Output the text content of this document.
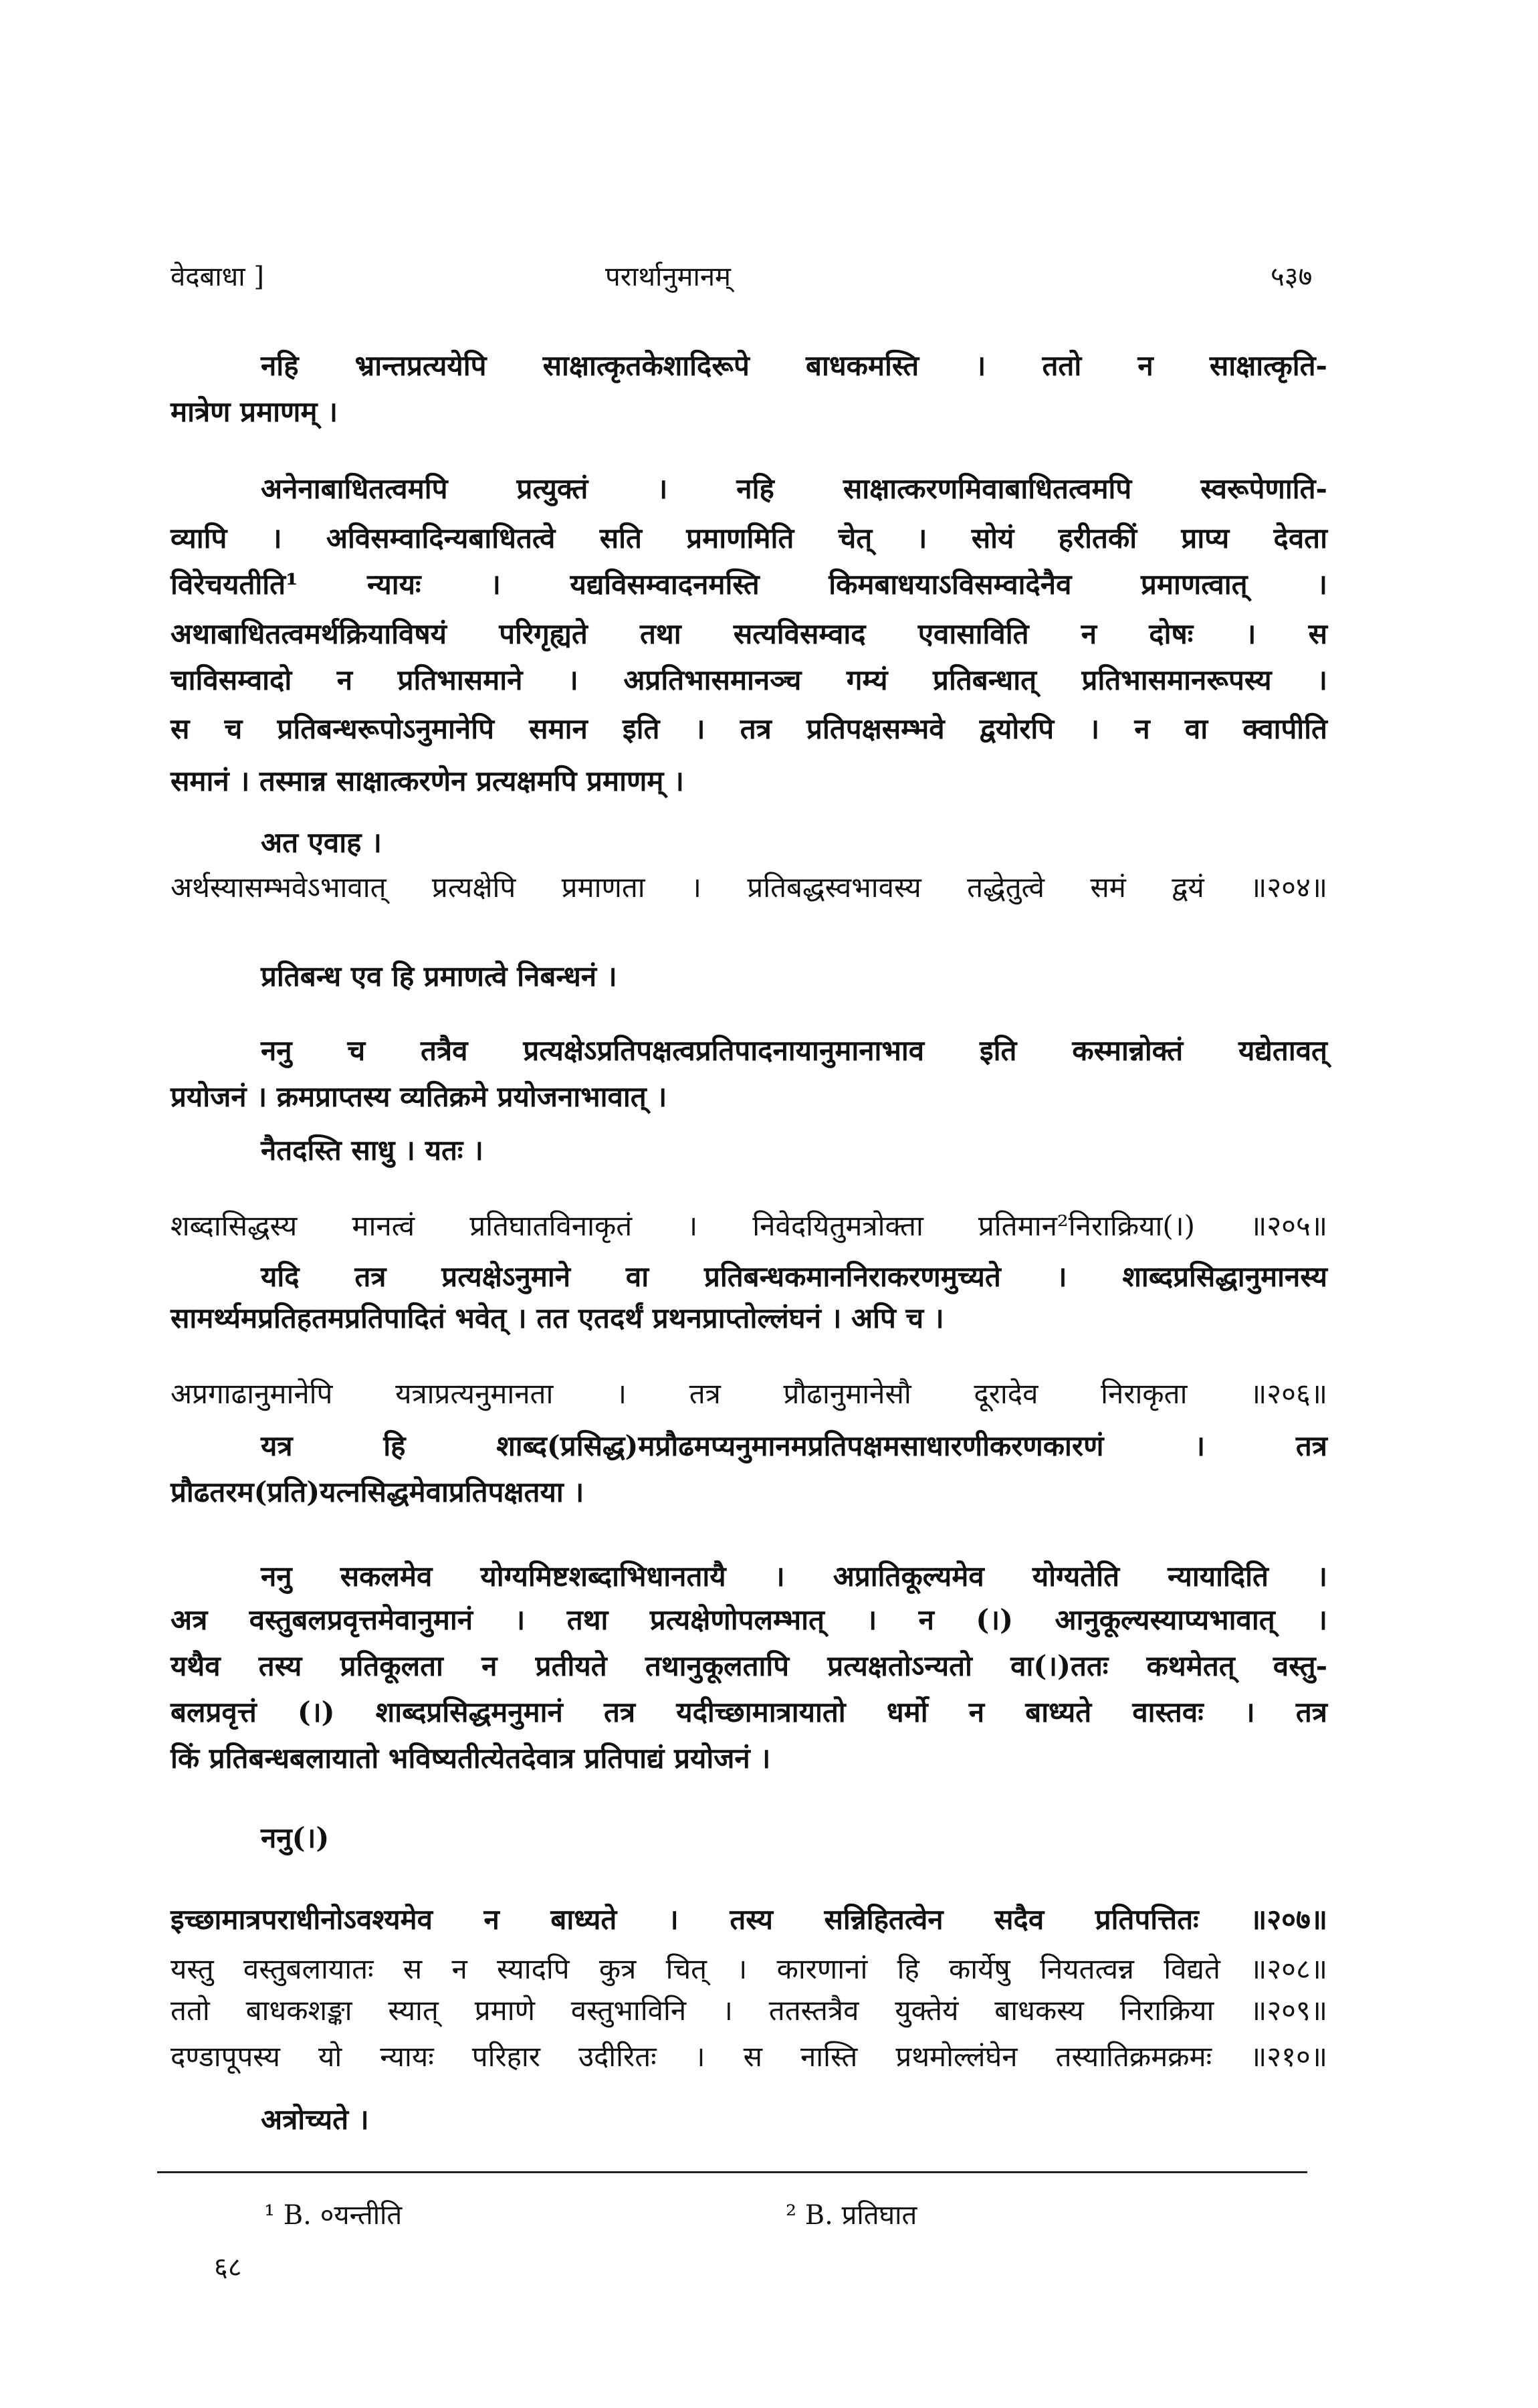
वेदबाधा ]	परार्थानुमानम्	५३७
नहि भ्रान्तप्रत्ययेपि साक्षात्कृतकेशादिरूपे बाधकमस्ति । ततो न साक्षात्कृति-
मात्रेण प्रमाणम् ।
अनेनाबाधितत्वमपि प्रत्युक्तं । नहि साक्षात्करणमिवाबाधितत्वमपि स्वरूपेणाति-
व्यापि । अविसम्वादिन्यबाधितत्वे सति प्रमाणमिति चेत् । सोयं हरीतकीं प्राप्य देवता
विरेचयतीति¹ न्यायः । यद्यविसम्वादनमस्ति किमबाधयाऽविसम्वादेनैव प्रमाणत्वात् ।
अथाबाधितत्वमर्थक्रियाविषयं परिगृह्यते तथा सत्यविसम्वाद एवासाविति न दोषः । स
चाविसम्वादो न प्रतिभासमाने । अप्रतिभासमानञ्च गम्यं प्रतिबन्धात् प्रतिभासमानरूपस्य ।
स च प्रतिबन्धरूपोऽनुमानेपि समान इति । तत्र प्रतिपक्षसम्भवे द्वयोरपि । न वा क्वापीति
समानं । तस्मान्न साक्षात्करणेन प्रत्यक्षमपि प्रमाणम् ।
अत एवाह ।
अर्थस्यासम्भवेऽभावात् प्रत्यक्षेपि प्रमाणता । प्रतिबद्धस्वभावस्य तद्धेतुत्वे समं द्वयं ॥२०४॥
प्रतिबन्ध एव हि प्रमाणत्वे निबन्धनं ।
ननु च तत्रैव प्रत्यक्षेऽप्रतिपक्षत्वप्रतिपादनायानुमानाभाव इति कस्मान्नोक्तं यद्येतावत्
प्रयोजनं । क्रमप्राप्तस्य व्यतिक्रमे प्रयोजनाभावात् ।
नैतदस्ति साधु । यतः ।
शब्दासिद्धस्य मानत्वं प्रतिघातविनाकृतं । निवेदयितुमत्रोक्ता प्रतिमान²निराक्रिया(।) ॥२०५॥
यदि तत्र प्रत्यक्षेऽनुमाने वा प्रतिबन्धकमाननिराकरणमुच्यते । शाब्दप्रसिद्धानुमानस्य
सामर्थ्यमप्रतिहतमप्रतिपादितं भवेत् । तत एतदर्थं प्रथनप्राप्तोल्लंघनं । अपि च ।
अप्रगाढानुमानेपि यत्राप्रत्यनुमानता । तत्र प्रौढानुमानेसौ दूरादेव निराकृता ॥२०६॥
यत्र हि शाब्द(प्रसिद्ध)मप्रौढमप्यनुमानमप्रतिपक्षमसाधारणीकरणकारणं । तत्र
प्रौढतरम(प्रति)यत्नसिद्धमेवाप्रतिपक्षतया ।
ननु सकलमेव योग्यमिष्टशब्दाभिधानतायै । अप्रातिकूल्यमेव योग्यतेति न्यायादिति ।
अत्र वस्तुबलप्रवृत्तमेवानुमानं । तथा प्रत्यक्षेणोपलम्भात् । न (।) आनुकूल्यस्याप्यभावात् ।
यथैव तस्य प्रतिकूलता न प्रतीयते तथानुकूलतापि प्रत्यक्षतोऽन्यतो वा(।)ततः कथमेतत् वस्तु-
बलप्रवृत्तं (।) शाब्दप्रसिद्धमनुमानं तत्र यदीच्छामात्रायातो धर्मो न बाध्यते वास्तवः । तत्र
किं प्रतिबन्धबलायातो भविष्यतीत्येतदेवात्र प्रतिपाद्यं प्रयोजनं ।
ननु(।)
इच्छामात्रपराधीनोऽवश्यमेव न बाध्यते । तस्य सन्निहितत्वेन सदैव प्रतिपत्तितः ॥२०७॥
यस्तु वस्तुबलायातः स न स्यादपि कुत्र चित् । कारणानां हि कार्येषु नियतत्वन्न विद्यते ॥२०८॥
ततो बाधकशङ्का स्यात् प्रमाणे वस्तुभाविनि । ततस्तत्रैव युक्तेयं बाधकस्य निराक्रिया ॥२०९॥
दण्डापूपस्य यो न्यायः परिहार उदीरितः । स नास्ति प्रथमोल्लंघेन तस्यातिक्रमक्रमः ॥२१०॥
अत्रोच्यते ।
¹ B. ०यन्तीति	² B. प्रतिघात
६८
